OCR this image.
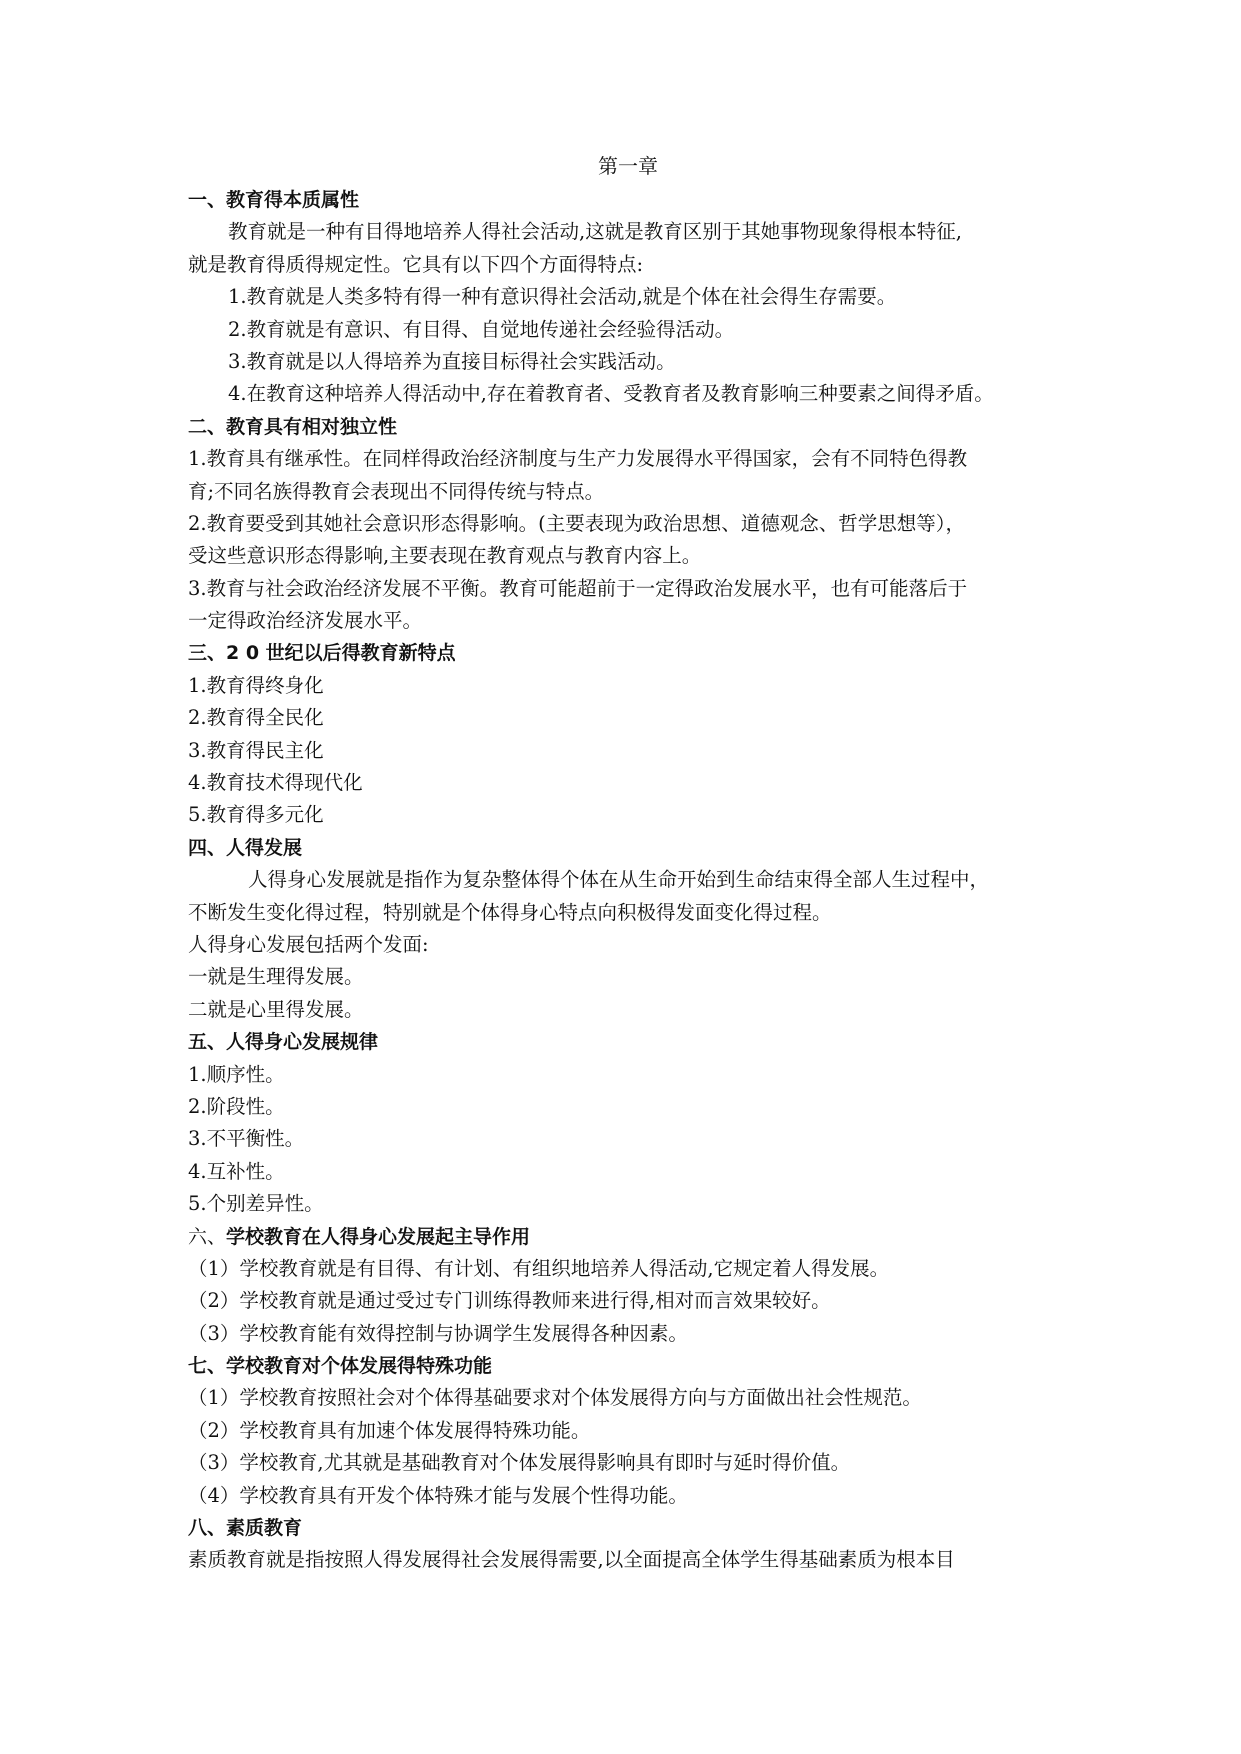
第一章
一、教育得本质属性
教育就是一种有目得地培养人得社会活动,这就是教育区别于其她事物现象得根本特征,
就是教育得质得规定性。它具有以下四个方面得特点:
1.教育就是人类多特有得一种有意识得社会活动,就是个体在社会得生存需要。
2.教育就是有意识、有目得、自觉地传递社会经验得活动。
3.教育就是以人得培养为直接目标得社会实践活动。
4.在教育这种培养人得活动中,存在着教育者、受教育者及教育影响三种要素之间得矛盾。
二、教育具有相对独立性
1.教育具有继承性。在同样得政治经济制度与生产力发展得水平得国家，会有不同特色得教
育;不同名族得教育会表现出不同得传统与特点。
2.教育要受到其她社会意识形态得影响。(主要表现为政治思想、道德观念、哲学思想等），
受这些意识形态得影响,主要表现在教育观点与教育内容上。
3.教育与社会政治经济发展不平衡。教育可能超前于一定得政治发展水平，也有可能落后于
一定得政治经济发展水平。
三、2 0 世纪以后得教育新特点
1.教育得终身化
2.教育得全民化
3.教育得民主化
4.教育技术得现代化
5.教育得多元化
四、人得发展
人得身心发展就是指作为复杂整体得个体在从生命开始到生命结束得全部人生过程中，
不断发生变化得过程，特别就是个体得身心特点向积极得发面变化得过程。
人得身心发展包括两个发面:
一就是生理得发展。
二就是心里得发展。
五、人得身心发展规律
1.顺序性。
2.阶段性。
3.不平衡性。
4.互补性。
5.个别差异性。
六、学校教育在人得身心发展起主导作用
（1）学校教育就是有目得、有计划、有组织地培养人得活动,它规定着人得发展。
（2）学校教育就是通过受过专门训练得教师来进行得,相对而言效果较好。
（3）学校教育能有效得控制与协调学生发展得各种因素。
七、学校教育对个体发展得特殊功能
（1）学校教育按照社会对个体得基础要求对个体发展得方向与方面做出社会性规范。
（2）学校教育具有加速个体发展得特殊功能。
（3）学校教育,尤其就是基础教育对个体发展得影响具有即时与延时得价值。
（4）学校教育具有开发个体特殊才能与发展个性得功能。
八、素质教育
素质教育就是指按照人得发展得社会发展得需要,以全面提高全体学生得基础素质为根本目
